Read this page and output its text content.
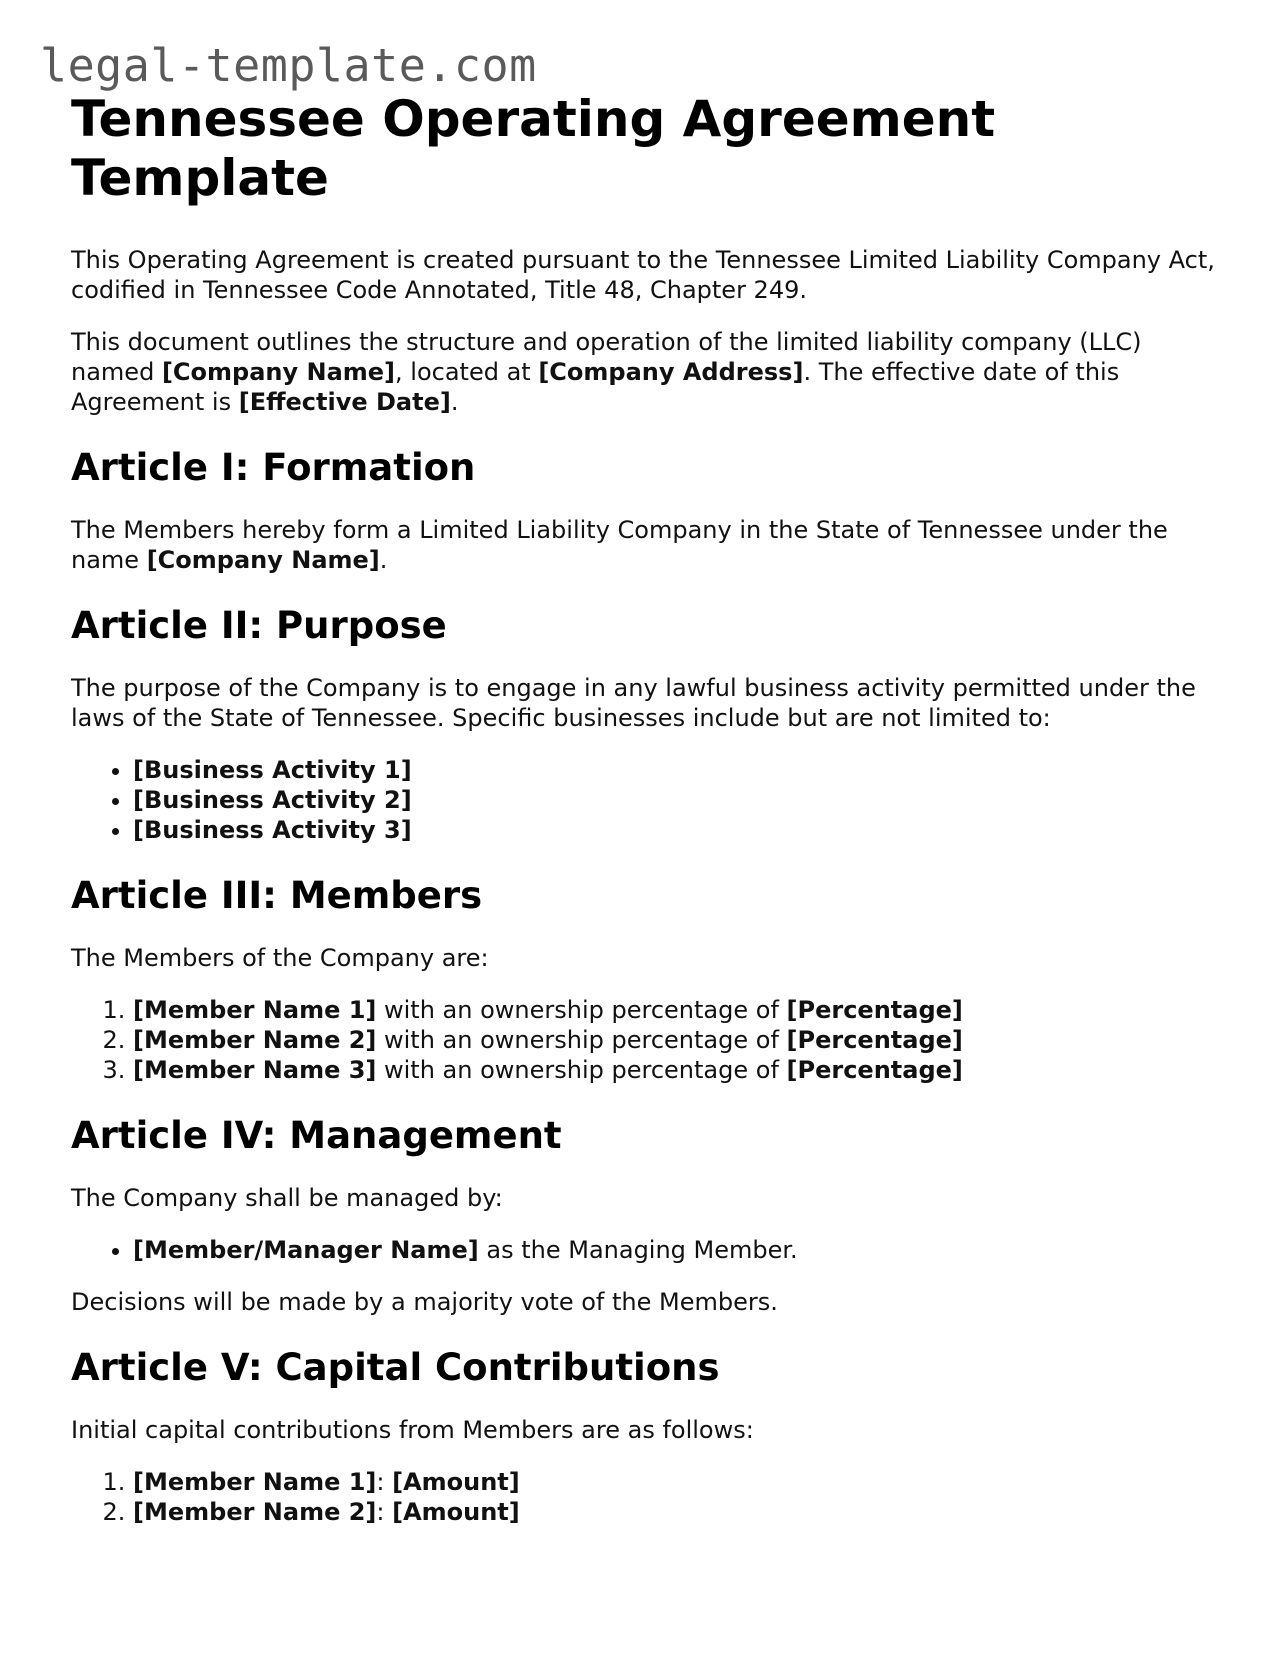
legal-template.com
Tennessee Operating Agreement Template

This Operating Agreement is created pursuant to the Tennessee Limited Liability Company Act, codified in Tennessee Code Annotated, Title 48, Chapter 249.

This document outlines the structure and operation of the limited liability company (LLC) named [Company Name], located at [Company Address]. The effective date of this Agreement is [Effective Date].

Article I: Formation

The Members hereby form a Limited Liability Company in the State of Tennessee under the name [Company Name].

Article II: Purpose

The purpose of the Company is to engage in any lawful business activity permitted under the laws of the State of Tennessee. Specific businesses include but are not limited to:

• [Business Activity 1]
• [Business Activity 2]
• [Business Activity 3]
Article III: Members

The Members of the Company are:

1. [Member Name 1] with an ownership percentage of [Percentage]
2. [Member Name 2] with an ownership percentage of [Percentage]
3. [Member Name 3] with an ownership percentage of [Percentage]
Article IV: Management

The Company shall be managed by:

• [Member/Manager Name] as the Managing Member.

Decisions will be made by a majority vote of the Members.

Article V: Capital Contributions

Initial capital contributions from Members are as follows:

1. [Member Name 1]: [Amount]
2. [Member Name 2]: [Amount]
